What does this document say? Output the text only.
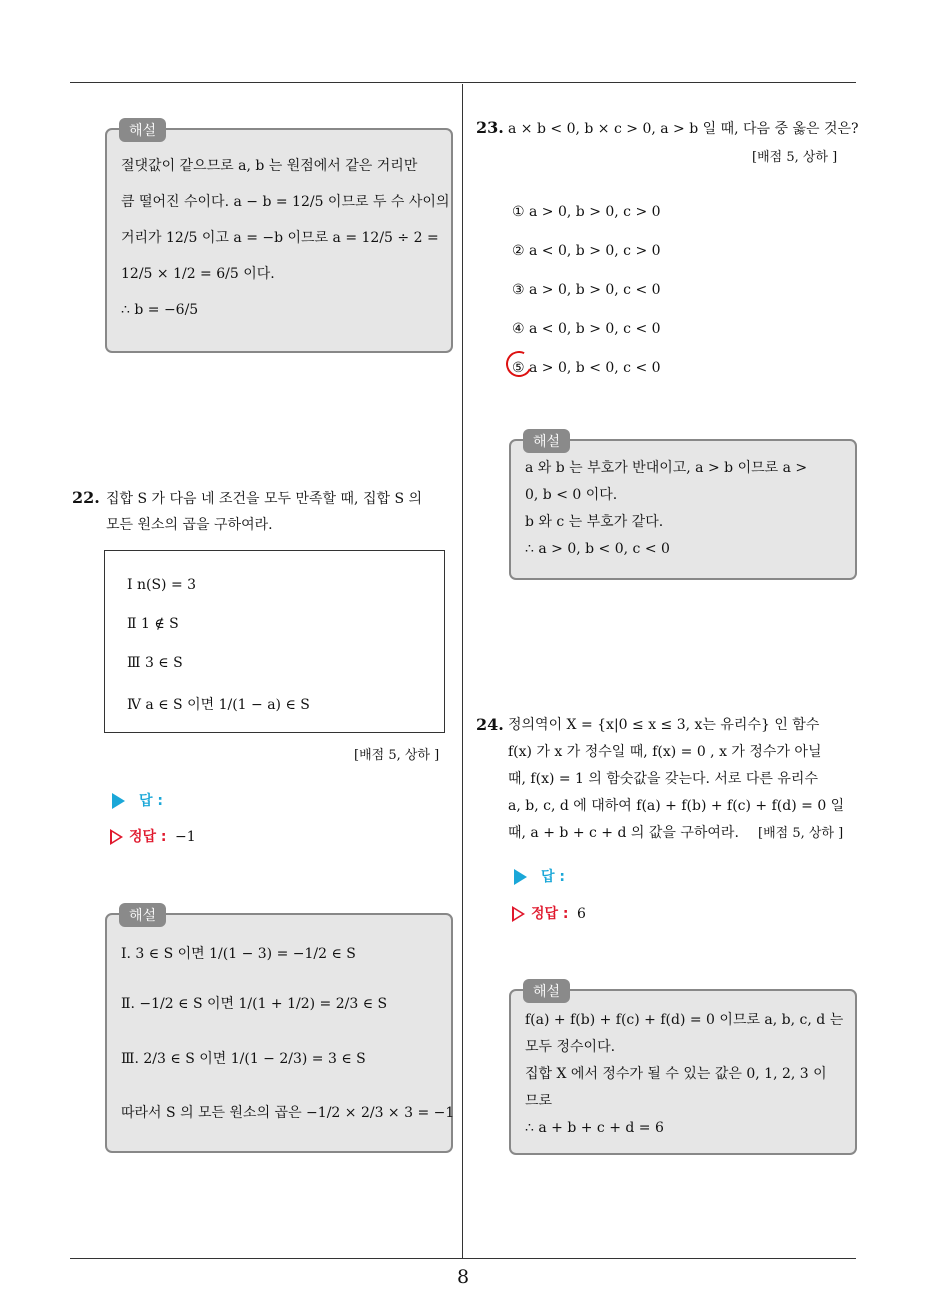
8
해설
절댓값이 같으므로 a, b 는 원점에서 같은 거리만
큼 떨어진 수이다. a − b = 12/5 이므로 두 수 사이의
거리가 12/5 이고 a = −b 이므로 a = 12/5 ÷ 2 =
12/5 × 1/2 = 6/5 이다.
∴ b = −6/5
22. 집합 S 가 다음 네 조건을 모두 만족할 때, 집합 S 의
모든 원소의 곱을 구하여라.
Ⅰ n(S) = 3
Ⅱ 1 ∉ S
Ⅲ 3 ∈ S
Ⅳ a ∈ S 이면 1/(1 − a) ∈ S
[배점 5, 상하 ]
답 :
정답 : −1
해설
Ⅰ. 3 ∈ S 이면 1/(1 − 3) = −1/2 ∈ S
Ⅱ. −1/2 ∈ S 이면 1/(1 + 1/2) = 2/3 ∈ S
Ⅲ. 2/3 ∈ S 이면 1/(1 − 2/3) = 3 ∈ S
따라서 S 의 모든 원소의 곱은 −1/2 × 2/3 × 3 = −1
23. a × b < 0, b × c > 0, a > b 일 때, 다음 중 옳은 것은?
[배점 5, 상하 ]
① a > 0, b > 0, c > 0
② a < 0, b > 0, c > 0
③ a > 0, b > 0, c < 0
④ a < 0, b > 0, c < 0
⑤ a > 0, b < 0, c < 0
해설
a 와 b 는 부호가 반대이고, a > b 이므로 a >
0, b < 0 이다.
b 와 c 는 부호가 같다.
∴ a > 0, b < 0, c < 0
24. 정의역이 X = {x|0 ≤ x ≤ 3, x는 유리수} 인 함수
f(x) 가 x 가 정수일 때, f(x) = 0 , x 가 정수가 아닐
때, f(x) = 1 의 함숫값을 갖는다. 서로 다른 유리수
a, b, c, d 에 대하여 f(a) + f(b) + f(c) + f(d) = 0 일
때, a + b + c + d 의 값을 구하여라.	[배점 5, 상하 ]
답 :
정답 : 6
해설
f(a) + f(b) + f(c) + f(d) = 0 이므로 a, b, c, d 는
모두 정수이다.
집합 X 에서 정수가 될 수 있는 값은 0, 1, 2, 3 이
므로
∴ a + b + c + d = 6
